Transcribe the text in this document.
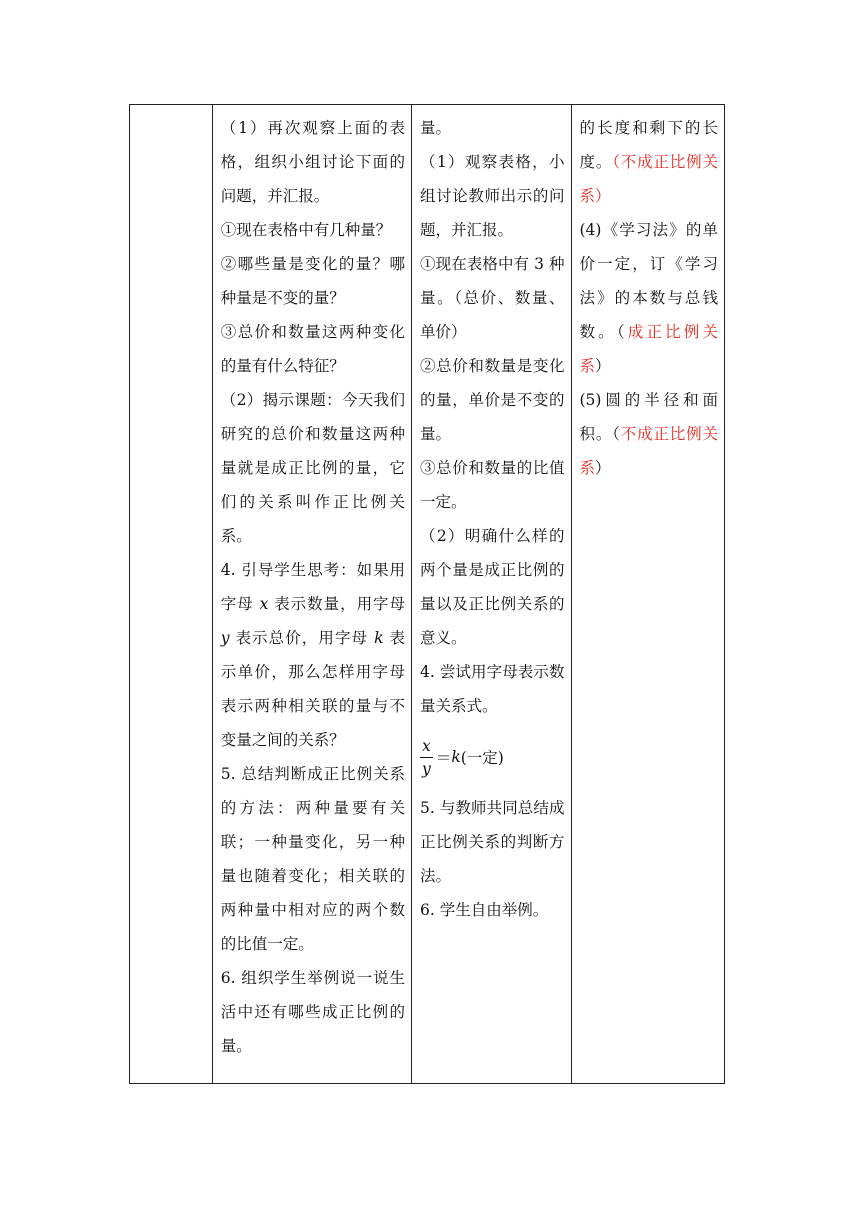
（1）再次观察上面的表格，组织小组讨论下面的问题，并汇报。

①现在表格中有几种量？

②哪些量是变化的量？哪种量是不变的量？

③总价和数量这两种变化的量有什么特征？

（2）揭示课题：今天我们研究的总价和数量这两种量就是成正比例的量，它们的关系叫作正比例关系。

4. 引导学生思考：如果用字母 x 表示数量，用字母 y 表示总价，用字母 k 表示单价，那么怎样用字母表示两种相关联的量与不变量之间的关系？

5. 总结判断成正比例关系的方法：两种量要有关联；一种量变化，另一种量也随着变化；相关联的两种量中相对应的两个数的比值一定。

6. 组织学生举例说一说生活中还有哪些成正比例的量。

量。

（1）观察表格，小组讨论教师出示的问题，并汇报。

①现在表格中有 3 种量。（总价、数量、单价）

②总价和数量是变化的量，单价是不变的量。

③总价和数量的比值一定。

（2）明确什么样的两个量是成正比例的量以及正比例关系的意义。

4. 尝试用字母表示数量关系式。

$\frac{x}{y} = k$ (一定)

5. 与教师共同总结成正比例关系的判断方法。

6. 学生自由举例。

的长度和剩下的长度。（不成正比例关系）

(4)《学习法》的单价一定，订《学习法》的本数与总钱数。（成正比例关系）

(5)圆的半径和面积。（不成正比例关系）
